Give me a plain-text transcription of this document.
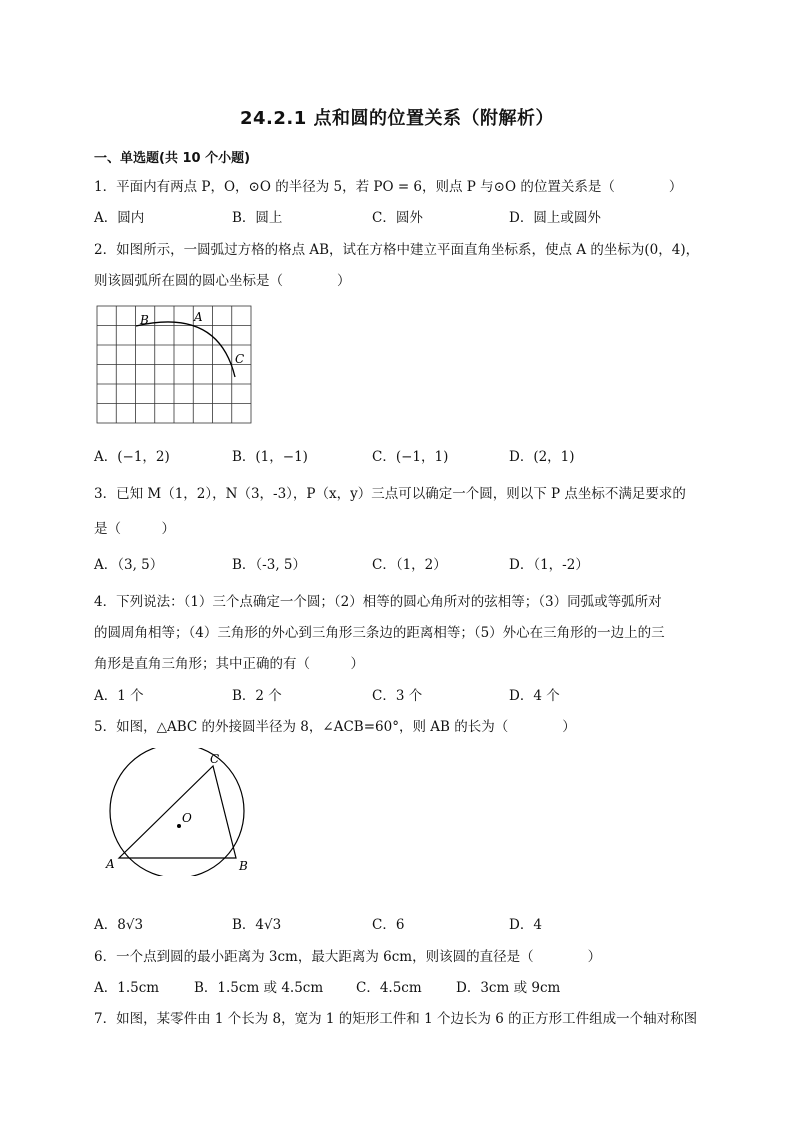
24.2.1 点和圆的位置关系（附解析）
一、单选题(共 10 个小题)
1．平面内有两点 P，O，⊙O 的半径为 5，若 PO = 6，则点 P 与⊙O 的位置关系是（　　　　）
A．圆内	B．圆上	C．圆外	D．圆上或圆外
2．如图所示，一圆弧过方格的格点 AB，试在方格中建立平面直角坐标系，使点 A 的坐标为(0，4)，
则该圆弧所在圆的圆心坐标是（　　　　）
B	A
C
A．(−1，2)	B．(1，−1)	C．(−1，1)	D．(2，1)
3．已知 M（1，2），N（3，-3），P（x，y）三点可以确定一个圆，则以下 P 点坐标不满足要求的
是（　　　）
A．（3, 5）	B．（-3, 5）	C．（1，2）	D．（1，-2）
4．下列说法：（1）三个点确定一个圆；（2）相等的圆心角所对的弦相等；（3）同弧或等弧所对
的圆周角相等；（4）三角形的外心到三角形三条边的距离相等；（5）外心在三角形的一边上的三
角形是直角三角形；其中正确的有（　　　）
A．1 个	B．2 个	C．3 个	D．4 个
5．如图，△ABC 的外接圆半径为 8，∠ACB=60°，则 AB 的长为（　　　　）
C
O
A	B
A．8√3	B．4√3	C．6	D．4
6．一个点到圆的最小距离为 3cm，最大距离为 6cm，则该圆的直径是（　　　　）
A．1.5cm	B．1.5cm 或 4.5cm C．4.5cm	D．3cm 或 9cm
7．如图，某零件由 1 个长为 8，宽为 1 的矩形工件和 1 个边长为 6 的正方形工件组成一个轴对称图
